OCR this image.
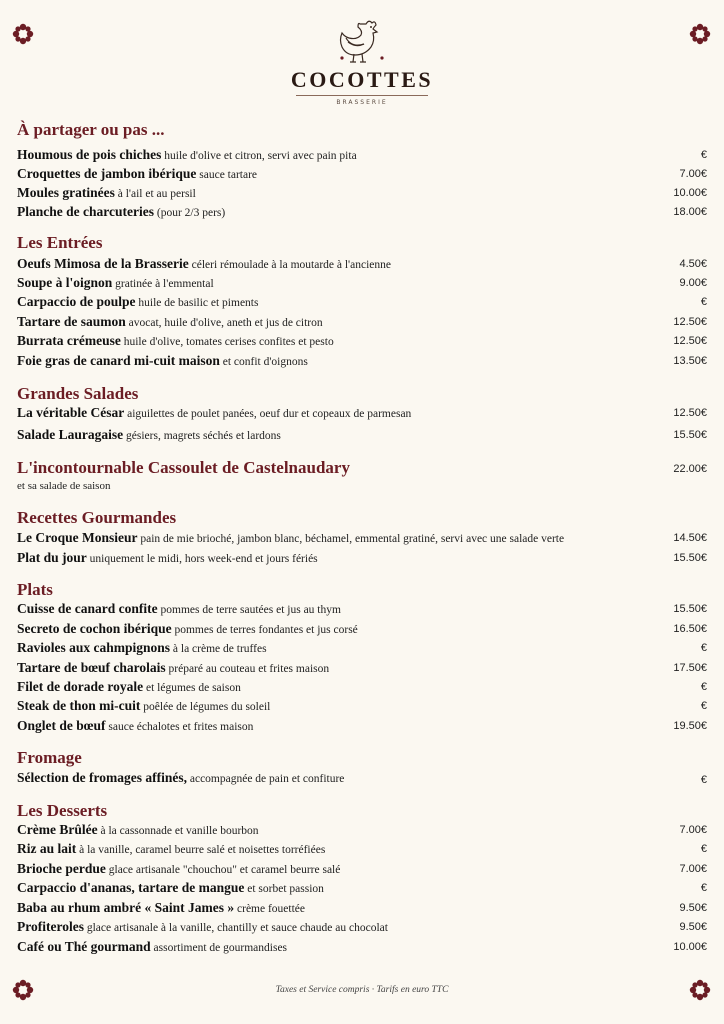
COCOTTES
BRASSERIE
À partager ou pas ...
Houmous de pois chiches huile d'olive et citron, servi avec pain pita	€
Croquettes de jambon ibérique sauce tartare	7.00€
Moules gratinées à l'ail et au persil	10.00€
Planche de charcuteries (pour 2/3 pers)	18.00€
Les Entrées
Oeufs Mimosa de la Brasserie céleri rémoulade à la moutarde à l'ancienne	4.50€
Soupe à l'oignon gratinée à l'emmental	9.00€
Carpaccio de poulpe huile de basilic et piments	€
Tartare de saumon avocat, huile d'olive, aneth et jus de citron	12.50€
Burrata crémeuse huile d'olive, tomates cerises confites et pesto	12.50€
Foie gras de canard mi-cuit maison et confit d'oignons	13.50€
Grandes Salades
La véritable César aiguilettes de poulet panées, oeuf dur et copeaux de parmesan	12.50€
Salade Lauragaise gésiers, magrets séchés et lardons	15.50€
L'incontournable Cassoulet de Castelnaudary	22.00€
et sa salade de saison
Recettes Gourmandes
Le Croque Monsieur pain de mie brioché, jambon blanc, béchamel, emmental gratiné, servi avec une salade verte	14.50€
Plat du jour uniquement le midi, hors week-end et jours fériés	15.50€
Plats
Cuisse de canard confite pommes de terre sautées et jus au thym	15.50€
Secreto de cochon ibérique pommes de terres fondantes et jus corsé	16.50€
Ravioles aux cahmpignons à la crème de truffes	€
Tartare de bœuf charolais préparé au couteau et frites maison	17.50€
Filet de dorade royale et légumes de saison	€
Steak de thon mi-cuit poêlée de légumes du soleil	€
Onglet de bœuf sauce échalotes et frites maison	19.50€
Fromage
Sélection de fromages affinés, accompagnée de pain et confiture	€
Les Desserts
Crème Brûlée à la cassonnade et vanille bourbon	7.00€
Riz au lait à la vanille, caramel beurre salé et noisettes torréfiées	€
Brioche perdue glace artisanale "chouchou" et caramel beurre salé	7.00€
Carpaccio d'ananas, tartare de mangue et sorbet passion	€
Baba au rhum ambré « Saint James » crème fouettée	9.50€
Profiteroles glace artisanale à la vanille, chantilly et sauce chaude au chocolat	9.50€
Café ou Thé gourmand assortiment de gourmandises	10.00€
Taxes et Service compris · Tarifs en euro TTC
